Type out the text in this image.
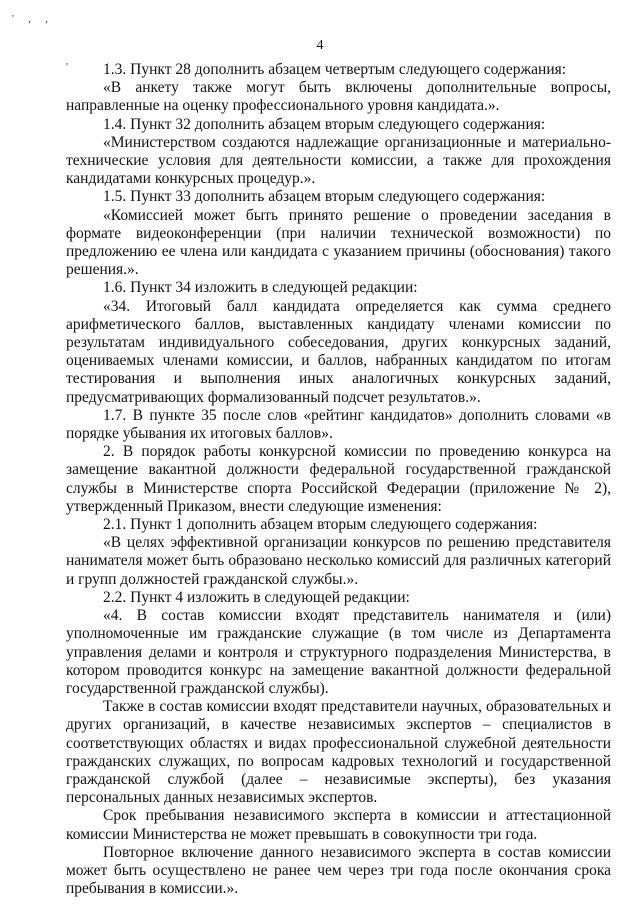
' , ,
'
4

1.3. Пункт 28 дополнить абзацем четвертым следующего содержания:

«В анкету также могут быть включены дополнительные вопросы, направленные на оценку профессионального уровня кандидата.».

1.4. Пункт 32 дополнить абзацем вторым следующего содержания:

«Министерством создаются надлежащие организационные и материально-технические условия для деятельности комиссии, а также для прохождения кандидатами конкурсных процедур.».

1.5. Пункт 33 дополнить абзацем вторым следующего содержания:

«Комиссией может быть принято решение о проведении заседания в формате видеоконференции (при наличии технической возможности) по предложению ее члена или кандидата с указанием причины (обоснования) такого решения.».

1.6. Пункт 34 изложить в следующей редакции:

«34. Итоговый балл кандидата определяется как сумма среднего арифметического баллов, выставленных кандидату членами комиссии по результатам индивидуального собеседования, других конкурсных заданий, оцениваемых членами комиссии, и баллов, набранных кандидатом по итогам тестирования и выполнения иных аналогичных конкурсных заданий, предусматривающих формализованный подсчет результатов.».

1.7. В пункте 35 после слов «рейтинг кандидатов» дополнить словами «в порядке убывания их итоговых баллов».

2. В порядок работы конкурсной комиссии по проведению конкурса на замещение вакантной должности федеральной государственной гражданской службы в Министерстве спорта Российской Федерации (приложение № 2), утвержденный Приказом, внести следующие изменения:

2.1. Пункт 1 дополнить абзацем вторым следующего содержания:

«В целях эффективной организации конкурсов по решению представителя нанимателя может быть образовано несколько комиссий для различных категорий и групп должностей гражданской службы.».

2.2. Пункт 4 изложить в следующей редакции:

«4. В состав комиссии входят представитель нанимателя и (или) уполномоченные им гражданские служащие (в том числе из Департамента управления делами и контроля и структурного подразделения Министерства, в котором проводится конкурс на замещение вакантной должности федеральной государственной гражданской службы).

Также в состав комиссии входят представители научных, образовательных и других организаций, в качестве независимых экспертов – специалистов в соответствующих областях и видах профессиональной служебной деятельности гражданских служащих, по вопросам кадровых технологий и государственной гражданской службой (далее – независимые эксперты), без указания персональных данных независимых экспертов.

Срок пребывания независимого эксперта в комиссии и аттестационной комиссии Министерства не может превышать в совокупности три года.

Повторное включение данного независимого эксперта в состав комиссии может быть осуществлено не ранее чем через три года после окончания срока пребывания в комиссии.».
